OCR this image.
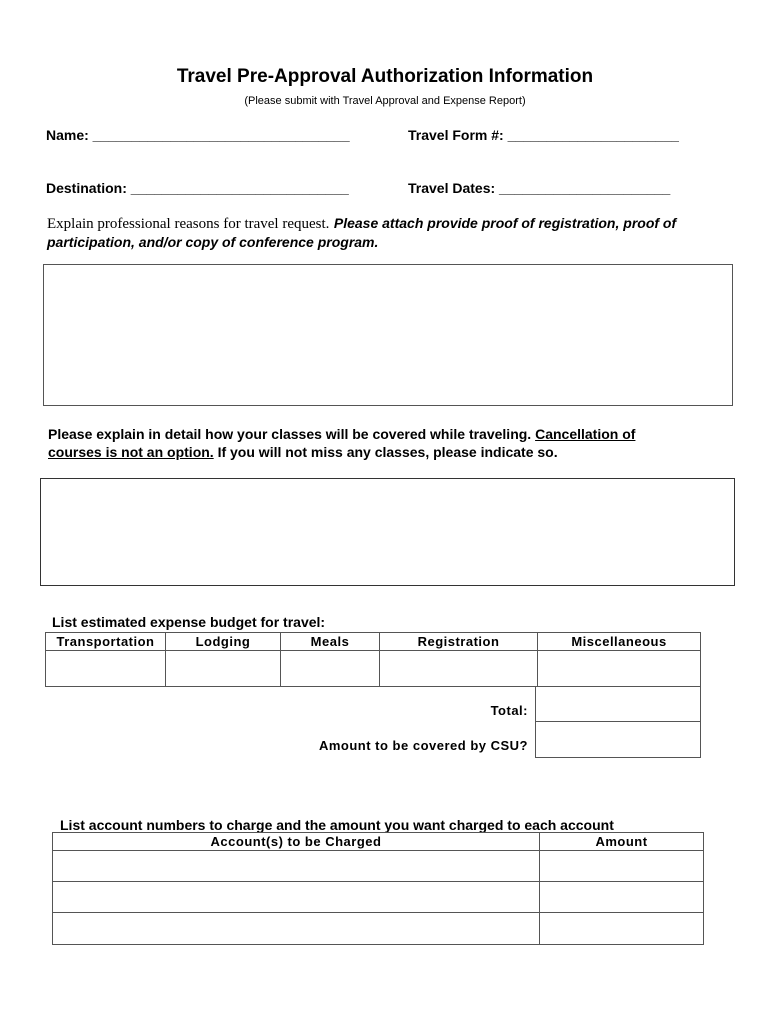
Travel Pre-Approval Authorization Information
(Please submit with Travel Approval and Expense Report)
Name: _________________________________	Travel Form #: ______________________
Destination: ____________________________	Travel Dates: ______________________
Explain professional reasons for travel request. Please attach provide proof of registration, proof of
participation, and/or copy of conference program.
Please explain in detail how your classes will be covered while traveling. Cancellation of
courses is not an option. If you will not miss any classes, please indicate so.
List estimated expense budget for travel:
Transportation	Lodging	Meals	Registration	Miscellaneous

Total:
Amount to be covered by CSU?
List account numbers to charge and the amount you want charged to each account
Account(s) to be Charged	Amount
